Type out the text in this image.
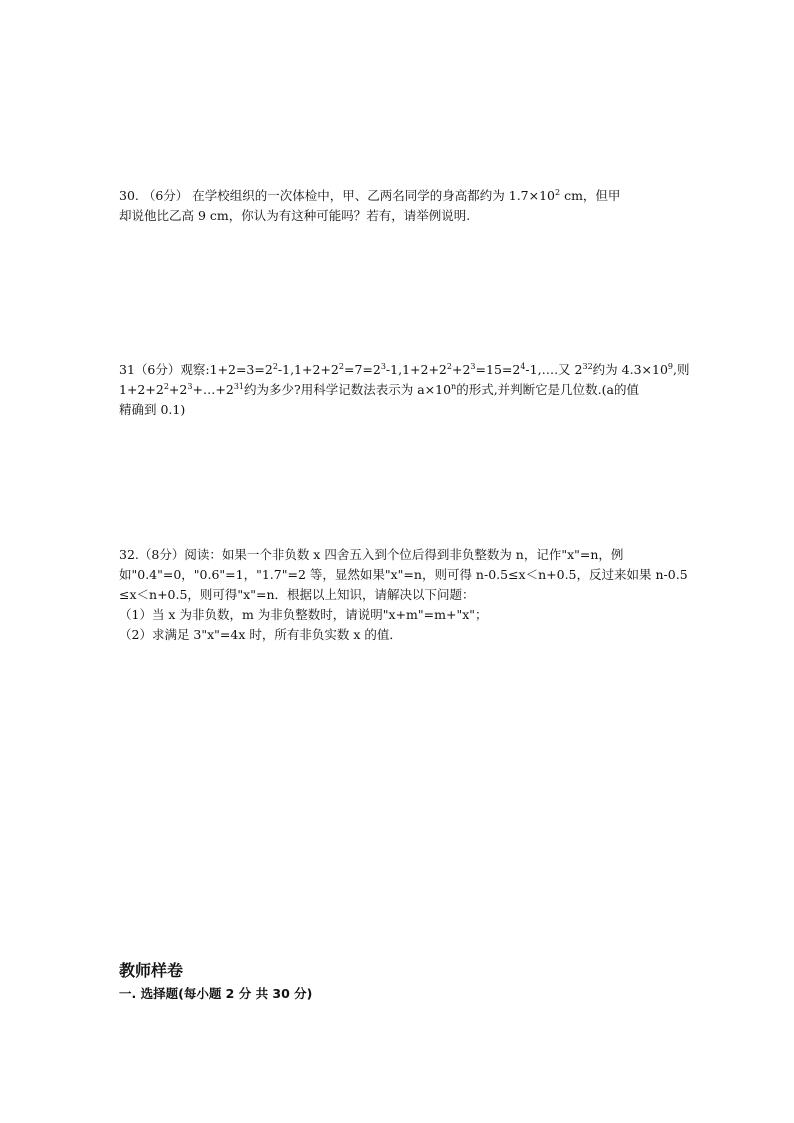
30. （6分） 在学校组织的一次体检中，甲、乙两名同学的身高都约为 $1.7\times 10^2$ cm，但甲

却说他比乙高 9 cm，你认为有这种可能吗？若有，请举例说明.

31（6分）观察$:1+2=3=2^2-1,1+2+2^2=7=2^3-1,1+2+2^2+2^3=15=2^4-1,\dots$.又 $2^{32}$约为 $4.3\times 10^9$,则

$1+2+2^2+2^3+\dots+2^{31}$约为多少?用科学记数法表示为 $a\times 10^n$的形式,并判断它是几位数.(a的值

精确到 0.1)

32.（8分）阅读：如果一个非负数 x 四舍五入到个位后得到非负整数为 n，记作"x"=n，例

如"0.4"=0，"0.6"=1，"1.7"=2 等，显然如果"x"=n，则可得 n-0.5≤x＜n+0.5，反过来如果 n-0.5

≤x＜n+0.5，则可得"x"=n．根据以上知识，请解决以下问题：

（1）当 x 为非负数，m 为非负整数时，请说明"x+m"=m+"x"；

（2）求满足 3"x"=4x 时，所有非负实数 x 的值．

教师样卷
一. 选择题(每小题 2 分 共 30 分)
